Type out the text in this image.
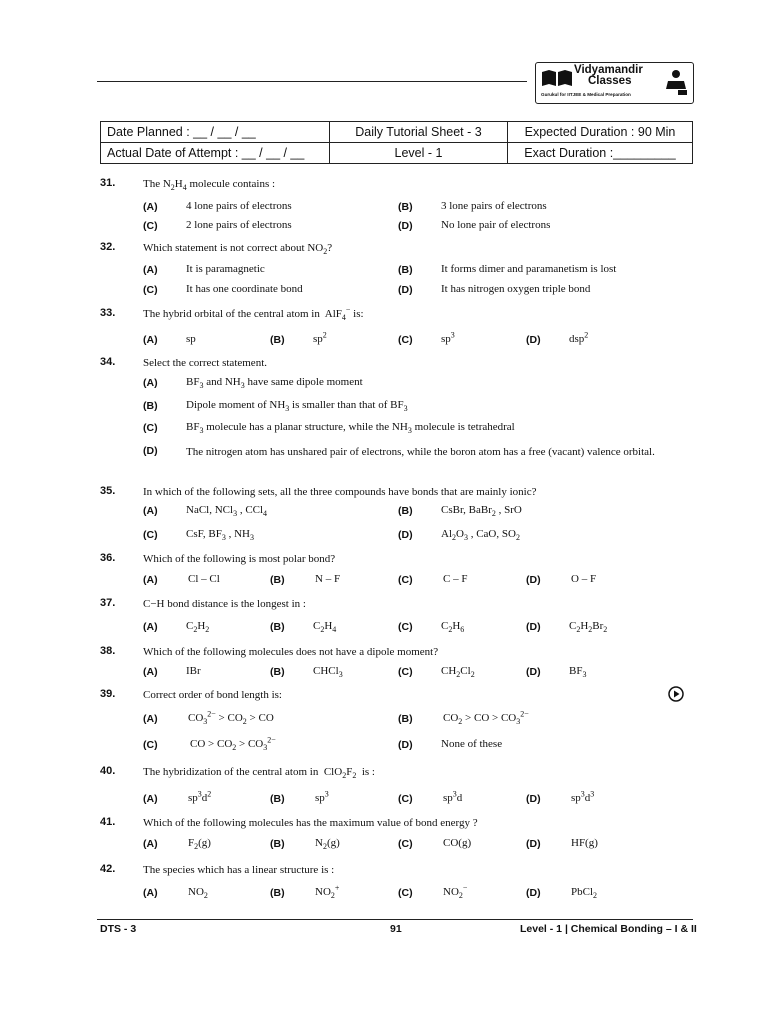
Vidyamandir
Classes
Gurukul for IITJEE & Medical Preparation
Date Planned : __ / __ / __	Daily Tutorial Sheet - 3	Expected Duration : 90 Min
Actual Date of Attempt : __ / __ / __	Level - 1	Exact Duration :_________
31.	The $N_2H_4$ molecule contains :
(A)	4 lone pairs of electrons	(B)	3 lone pairs of electrons
(C)	2 lone pairs of electrons	(D)	No lone pair of electrons
32.	Which statement is not correct about $NO_2$?
(A)	It is paramagnetic	(B)	It forms dimer and paramanetism is lost
(C)	It has one coordinate bond	(D)	It has nitrogen oxygen triple bond
33.	The hybrid orbital of the central atom in  AlF$_4$− is:
(A)	sp	(B)	$sp^2$	(C)	$sp^3$	(D)	dsp$^2$
34.	Select the correct statement.
(A)	$BF_3$ and $NH_3$ have same dipole moment
(B)	Dipole moment of $NH_3$ is smaller than that of $BF_3$
(C)	$BF_3$ molecule has a planar structure, while the $NH_3$ molecule is tetrahedral
(D)	The nitrogen atom has unshared pair of electrons, while the boron atom has a free (vacant) valence orbital.
35.	In which of the following sets, all the three compounds have bonds that are mainly ionic?
(A)	NaCl, NCl$_3$ , CCl$_4$	(B)	CsBr, BaBr$_2$ , SrO
(C)	CsF, $BF_3$ , $NH_3$	(D)	$Al_2O_3$ , CaO, $SO_2$
36.	Which of the following is most polar bond?
(A)	Cl – Cl	(B)	N – F	(C)	C – F	(D)	O – F
37.	C−H bond distance is the longest in :
(A)	$C_2H_2$	(B)	$C_2H_4$	(C)	$C_2H_6$	(D)	$C_2H_2Br_2$
38.	Which of the following molecules does not have a dipole moment?
(A)	IBr	(B)	CHCl$_3$	(C)	$CH_2Cl_2$	(D)	$BF_3$
39.	Correct order of bond length is:
(A)	$CO_3^{2-} > CO_2$ > CO	(B)	$CO_2$ > CO > $CO_3^{2-}$
(C)	CO > $CO_2 > CO_3^{2-}$	(D)	None of these
40.	The hybridization of the central atom in  $ClO_2F_2$  is :
(A)	$sp^3d^2$	(B)	$sp^3$	(C)	$sp^3d$	(D)	$sp^3d^3$
41.	Which of the following molecules has the maximum value of bond energy ?
(A)	$F_2(g)$	(B)	$N_2(g)$	(C)	CO(g)	(D)	HF(g)
42.	The species which has a linear structure is :
(A)	$NO_2$	(B)	$NO_2^+$	(C)	$NO_2^-$	(D)	PbCl$_2$
DTS - 3	91	Level - 1 | Chemical Bonding – I & II
